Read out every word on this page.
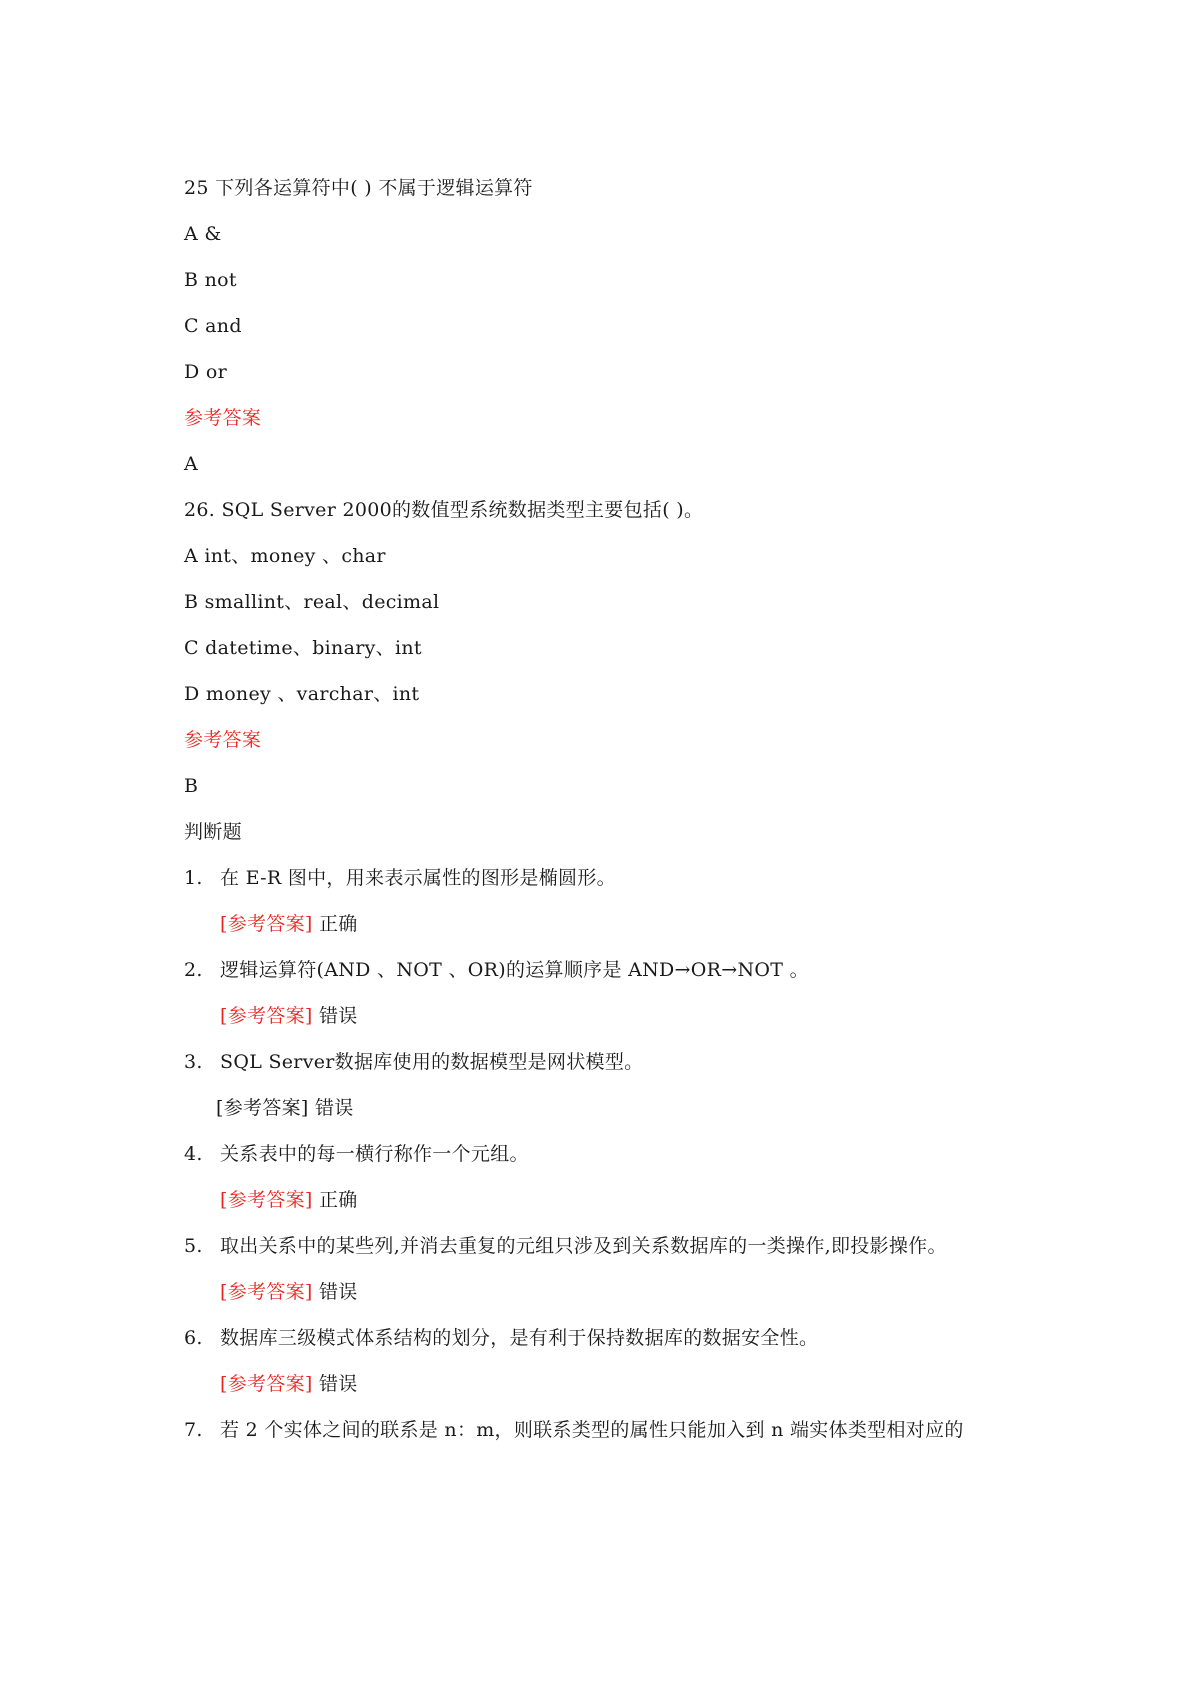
25 下列各运算符中( ) 不属于逻辑运算符
A &
B not
C and
D or
参考答案
A
26. SQL Server 2000的数值型系统数据类型主要包括( )。
A int、money 、char
B smallint、real、decimal
C datetime、binary、int
D money 、varchar、int
参考答案
B
判断题
1. 在 E-R 图中，用来表示属性的图形是椭圆形。
[参考答案] 正确
2. 逻辑运算符(AND 、NOT 、OR)的运算顺序是 AND→OR→NOT 。
[参考答案] 错误
3. SQL Server数据库使用的数据模型是网状模型。
[参考答案] 错误
4. 关系表中的每一横行称作一个元组。
[参考答案] 正确
5. 取出关系中的某些列,并消去重复的元组只涉及到关系数据库的一类操作,即投影操作。
[参考答案] 错误
6. 数据库三级模式体系结构的划分，是有利于保持数据库的数据安全性。
[参考答案] 错误
7. 若 2 个实体之间的联系是 n：m，则联系类型的属性只能加入到 n 端实体类型相对应的
